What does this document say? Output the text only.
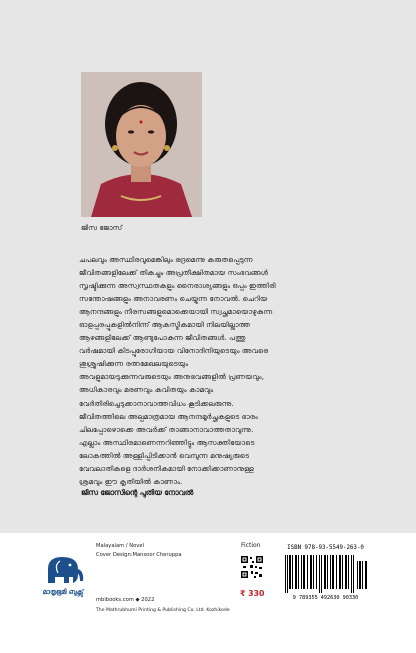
ജിസ ജോസ്

ചപലവും അസ്ഥിരവുമെങ്കിലും ഭദ്രമെന്നു കരുതപ്പെടുന്ന

ജീവിതങ്ങളിലേക്ക് തികച്ചും അപ്രതീക്ഷിതമായ സംഭവങ്ങൾ

സൃഷ്ടിക്കുന്ന അസ്വസ്ഥതകളും നൈരാശ്യങ്ങളും ഒപ്പം ഇത്തിരി

സന്തോഷങ്ങളും അനാവരണം ചെയ്യുന്ന നോവൽ. ചെറിയ

ആനന്ദങ്ങളും നീരസങ്ങളുമൊക്കെയായി സ്വച്ഛമായൊഴുകുന്ന

ഓളപ്പരപ്പുകളിൽനിന്ന് ആകസ്മികമായി നിലയില്ലാത്ത

ആഴങ്ങളിലേക്ക് ആണ്ടുപോകുന്ന ജീവിതങ്ങൾ. പത്തു

വർഷമായി കിടപ്പുരോഗിയായ വിനോദിനിയുടെയും അവരെ

ശുശ്രൂഷിക്കുന്ന രത്നമേഖലയുടെയും

അവളുമായടുക്കുന്നവരുടെയും അനുഭവങ്ങളിൽ പ്രണയവും,

അധികാരവും മരണവും കവിതയും കാമവും

വേർതിരിച്ചെടുക്കാനാവാത്തവിധം കൂടിക്കലരുന്നു.

ജീവിതത്തിലെ അല്പമാത്രമായ ആനന്ദമൂർച്ഛകളുടെ ഭാരം

ചിലപ്പോഴൊക്കെ അവർക്ക് താങ്ങാനാവാത്തതാവുന്നു.

എല്ലാം അസ്ഥിരമാണെന്നറിഞ്ഞിട്ടും ആസക്തിയോടെ

ലോകത്തിൽ അള്ളിപ്പിടിക്കാൻ വെമ്പുന്ന മനുഷ്യരുടെ

വേവലാതികളെ ദാർശനികമായി നോക്കിക്കാണാനുള്ള

ശ്രമവും ഈ കൃതിയിൽ കാണാം.

ജിസ ജോസിന്റെ പുതിയ നോവൽ
മാതൃഭൂമി ബുക്സ്
Malayalam / Novel
Cover Design:Mansoor Cheruppa
mbibooks.com ◆ 2022
The Mathrubhumi Printing & Publishing Co. Ltd. Kozhikode
Fiction
₹ 330
ISBN 978-93-5549-263-0
9 789355 492630 90330
